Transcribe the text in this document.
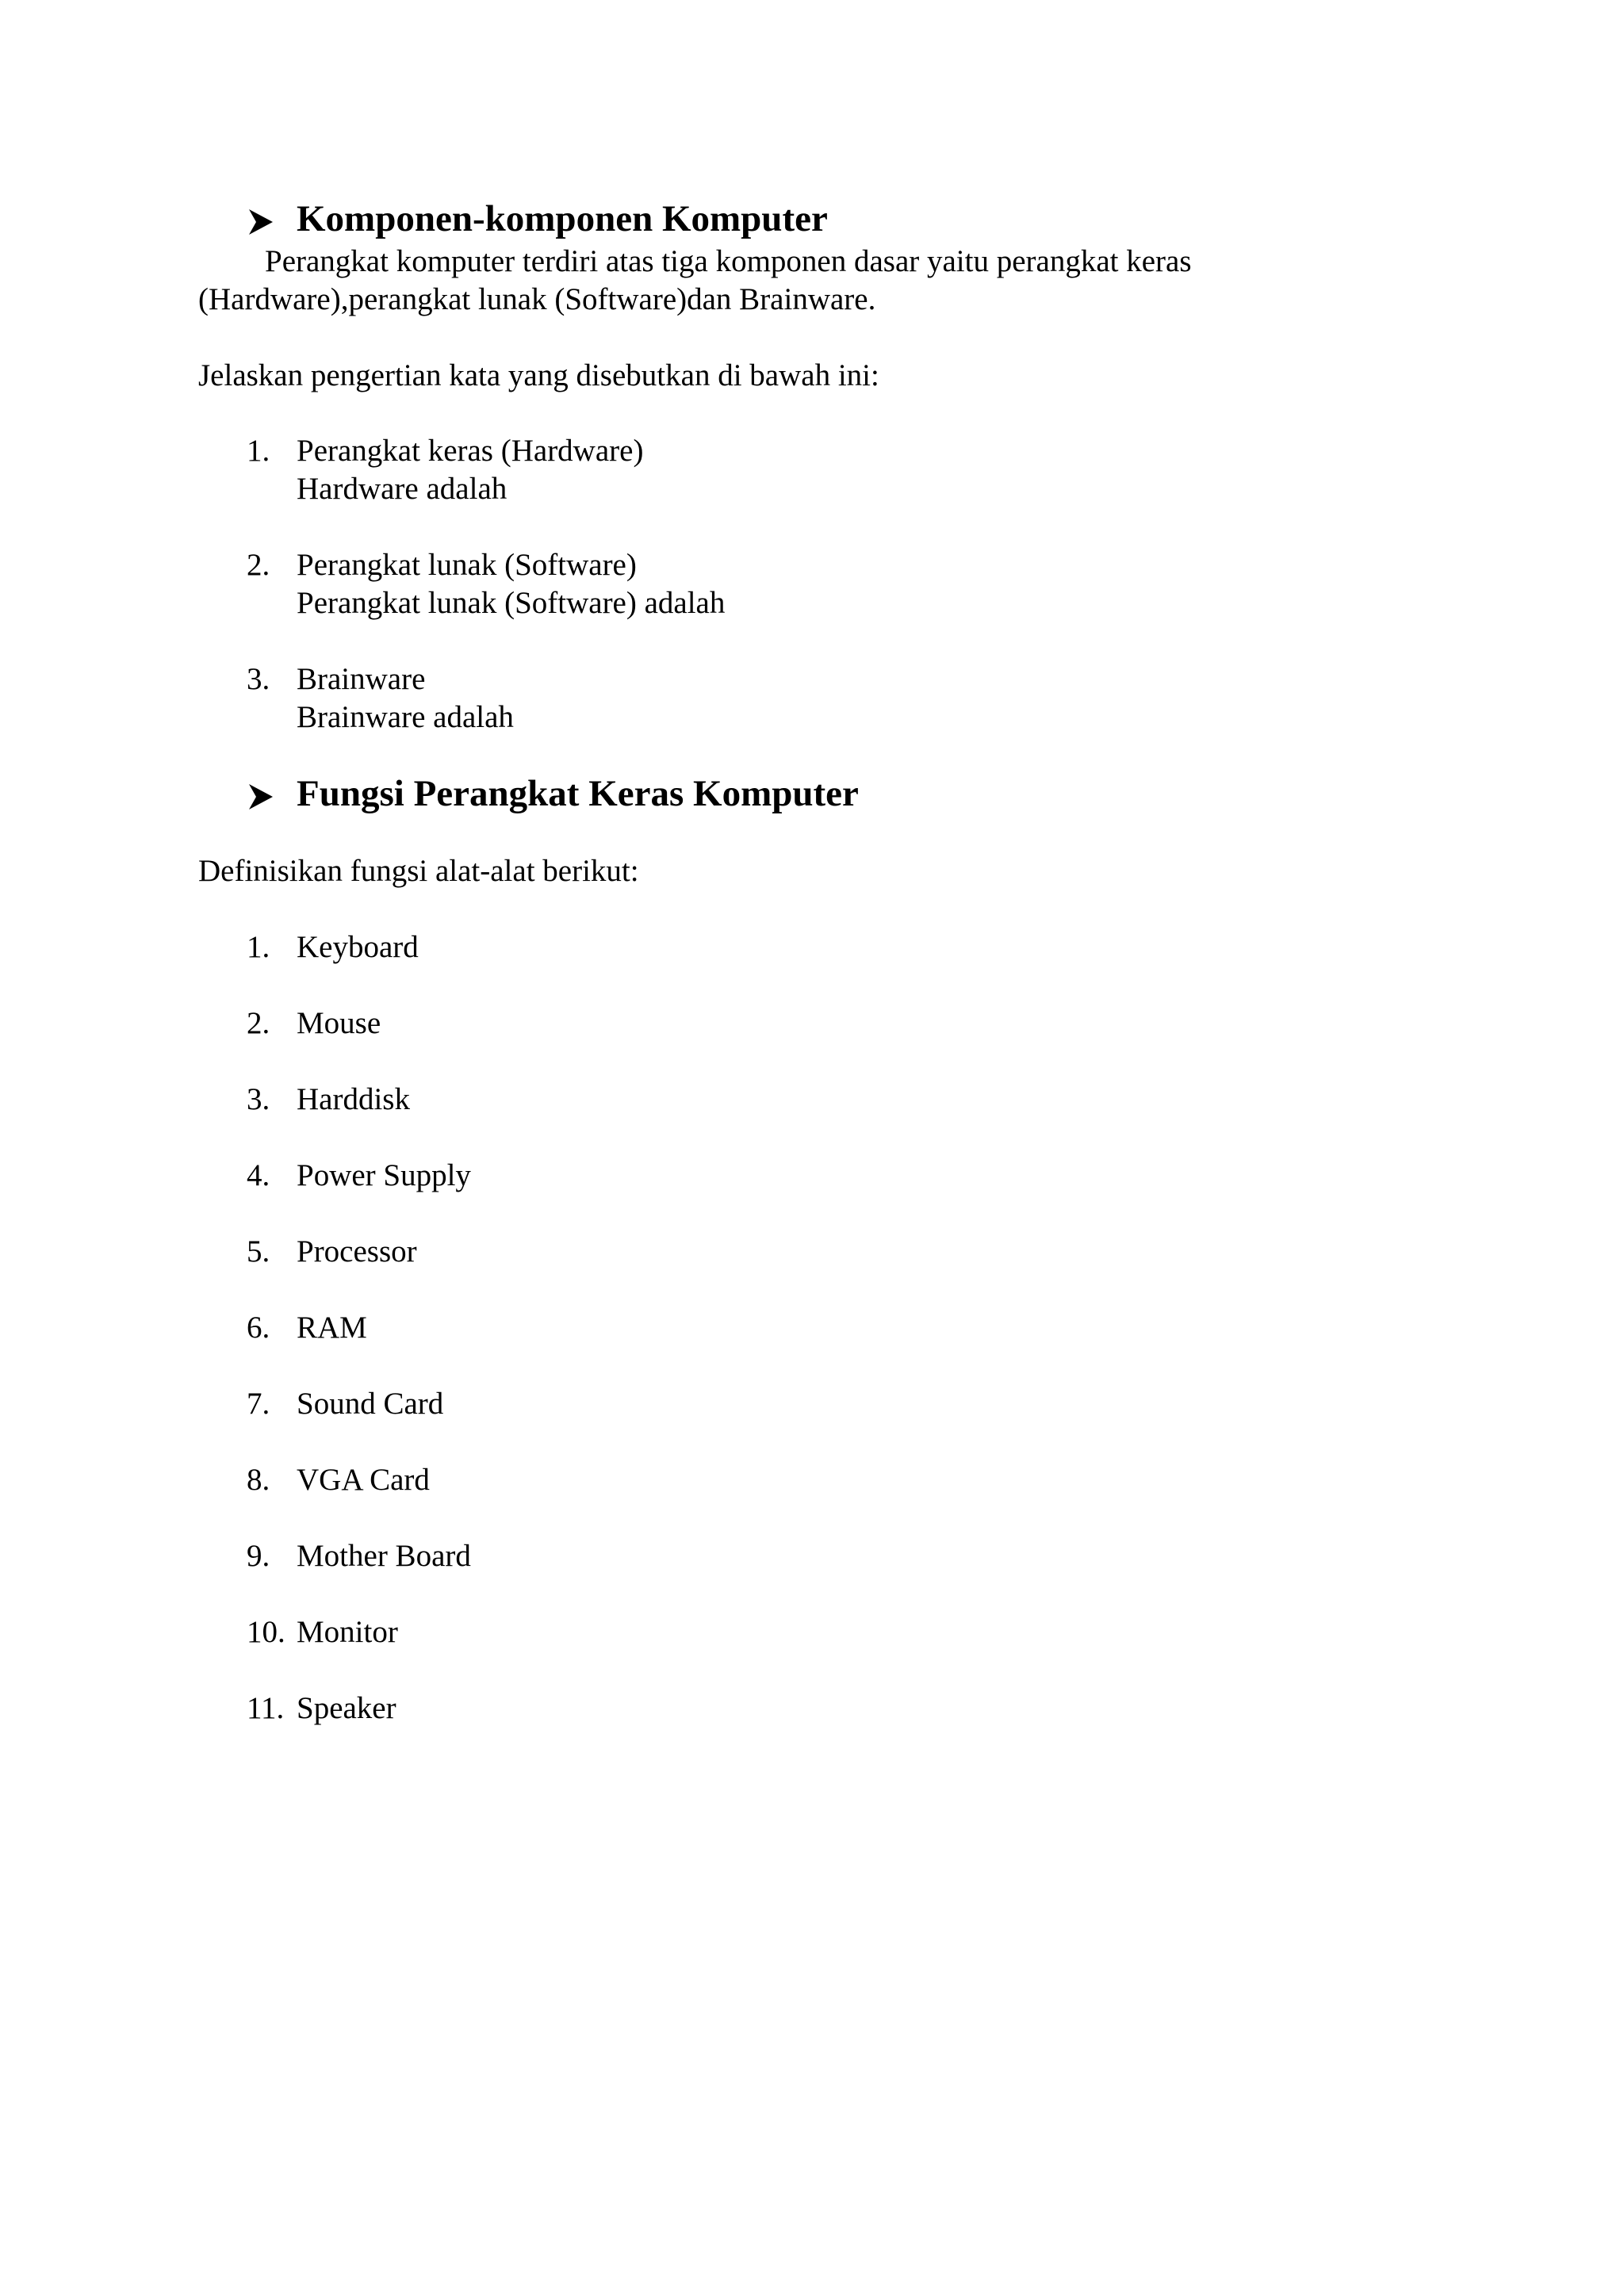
Komponen-komponen Komputer
Perangkat komputer terdiri atas tiga komponen dasar yaitu perangkat keras
(Hardware),perangkat lunak (Software)dan Brainware.
Jelaskan pengertian kata yang disebutkan di bawah ini:
1. Perangkat keras (Hardware)
Hardware adalah
2. Perangkat lunak (Software)
Perangkat lunak (Software) adalah
3. Brainware
Brainware adalah
Fungsi Perangkat Keras Komputer
Definisikan fungsi alat-alat berikut:
1. Keyboard
2. Mouse
3. Harddisk
4. Power Supply
5. Processor
6. RAM
7. Sound Card
8. VGA Card
9. Mother Board
10. Monitor
11. Speaker
